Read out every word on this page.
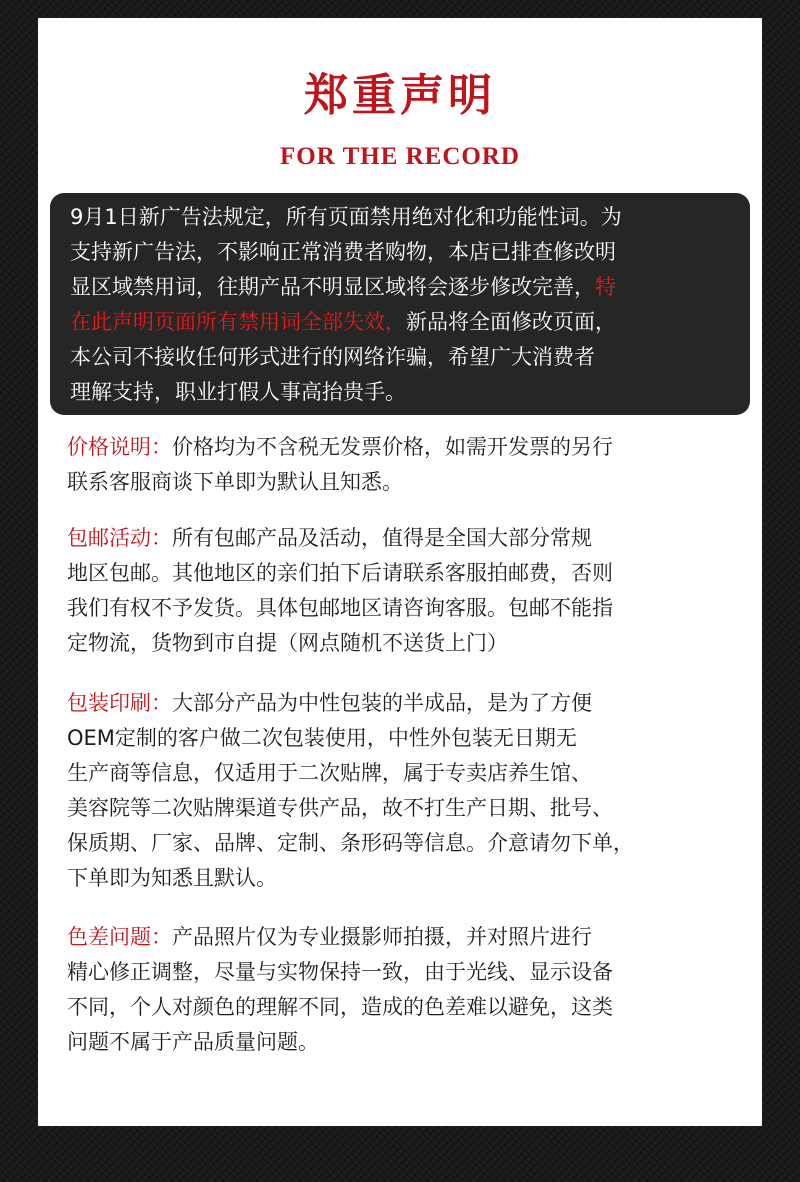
郑重声明
FOR THE RECORD
9月1日新广告法规定，所有页面禁用绝对化和功能性词。为
支持新广告法，不影响正常消费者购物，本店已排查修改明
显区域禁用词，往期产品不明显区域将会逐步修改完善，特
在此声明页面所有禁用词全部失效，新品将全面修改页面，
本公司不接收任何形式进行的网络诈骗，希望广大消费者
理解支持，职业打假人事高抬贵手。
价格说明：价格均为不含税无发票价格，如需开发票的另行
联系客服商谈下单即为默认且知悉。
包邮活动：所有包邮产品及活动，值得是全国大部分常规
地区包邮。其他地区的亲们拍下后请联系客服拍邮费，否则
我们有权不予发货。具体包邮地区请咨询客服。包邮不能指
定物流，货物到市自提（网点随机不送货上门）
包装印刷：大部分产品为中性包装的半成品，是为了方便
OEM定制的客户做二次包装使用，中性外包装无日期无
生产商等信息，仅适用于二次贴牌，属于专卖店养生馆、
美容院等二次贴牌渠道专供产品，故不打生产日期、批号、
保质期、厂家、品牌、定制、条形码等信息。介意请勿下单，
下单即为知悉且默认。
色差问题：产品照片仅为专业摄影师拍摄，并对照片进行
精心修正调整，尽量与实物保持一致，由于光线、显示设备
不同，个人对颜色的理解不同，造成的色差难以避免，这类
问题不属于产品质量问题。
